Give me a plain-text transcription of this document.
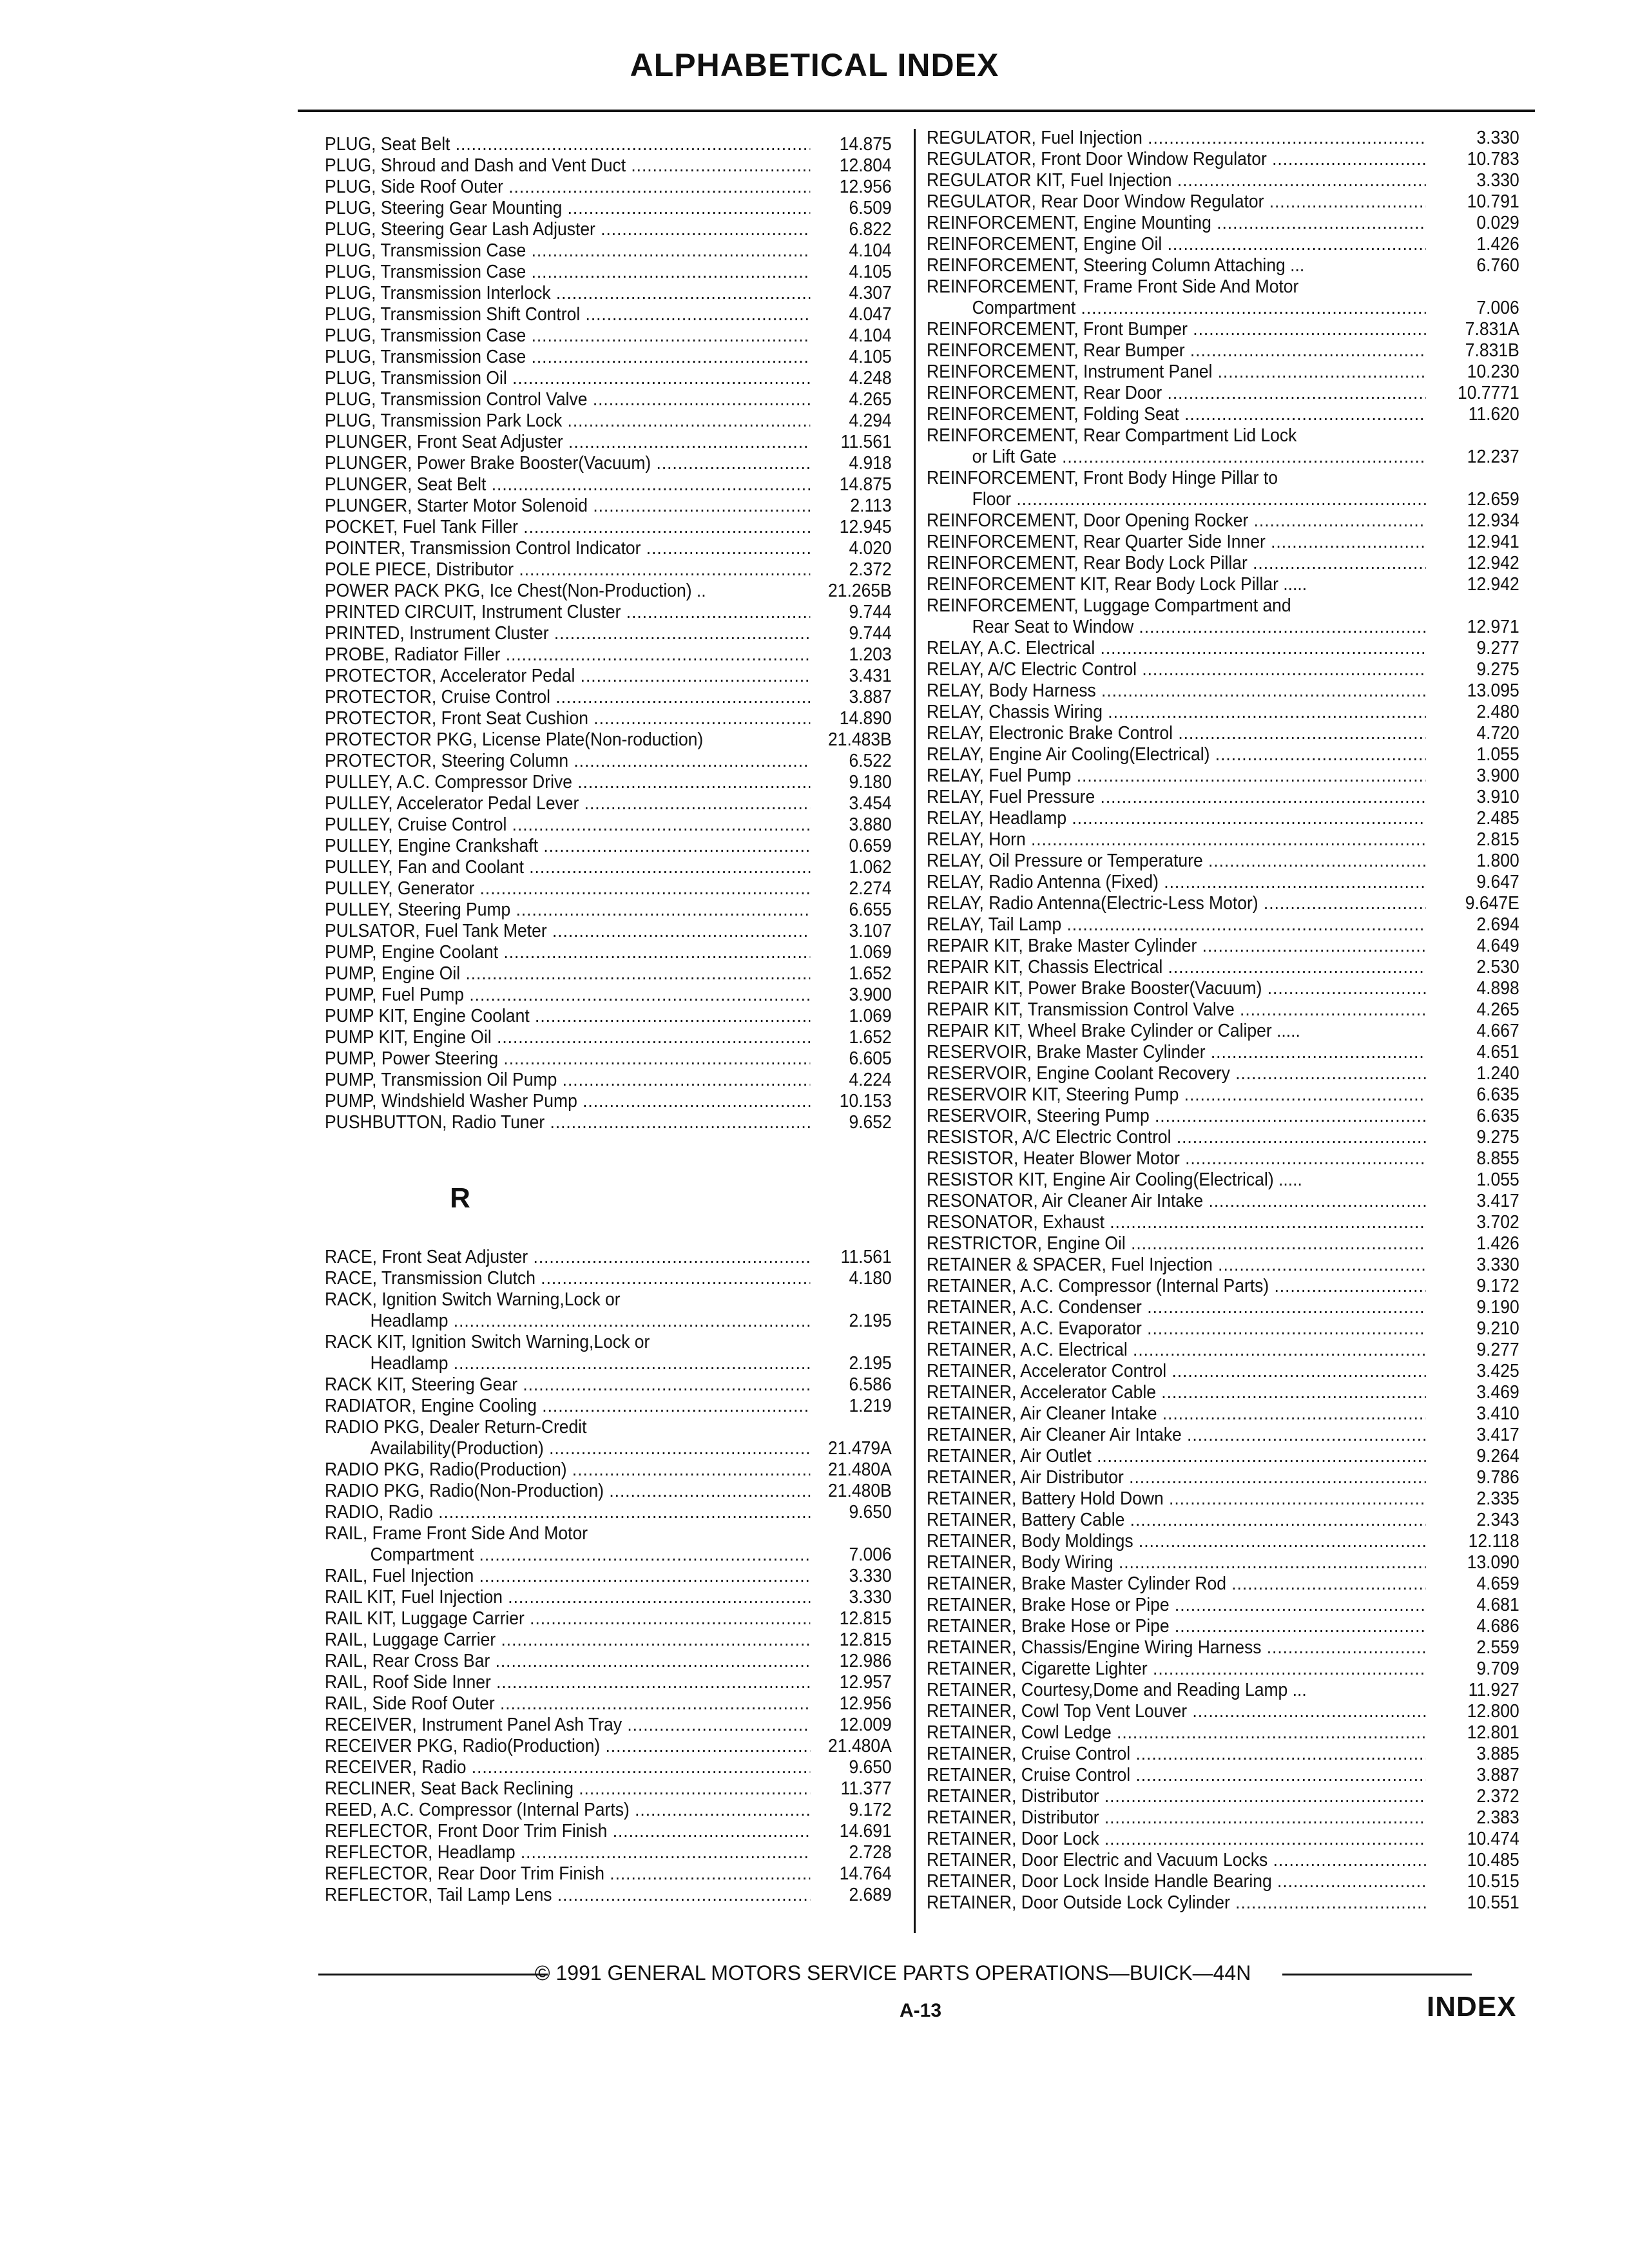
ALPHABETICAL INDEX
PLUG, Seat Belt .....	14.875
PLUG, Shroud and Dash and Vent Duct .....	12.804
PLUG, Side Roof Outer .....	12.956
PLUG, Steering Gear Mounting .....	6.509
PLUG, Steering Gear Lash Adjuster .....	6.822
PLUG, Transmission Case .....	4.104
PLUG, Transmission Case .....	4.105
PLUG, Transmission Interlock .....	4.307
PLUG, Transmission Shift Control .....	4.047
PLUG, Transmission Case .....	4.104
PLUG, Transmission Case .....	4.105
PLUG, Transmission Oil .....	4.248
PLUG, Transmission Control Valve .....	4.265
PLUG, Transmission Park Lock .....	4.294
PLUNGER, Front Seat Adjuster .....	11.561
PLUNGER, Power Brake Booster(Vacuum) .....	4.918
PLUNGER, Seat Belt .....	14.875
PLUNGER, Starter Motor Solenoid .....	2.113
POCKET, Fuel Tank Filler .....	12.945
POINTER, Transmission Control Indicator .....	4.020
POLE PIECE, Distributor .....	2.372
POWER PACK PKG, Ice Chest(Non-Production) ..	21.265B
PRINTED CIRCUIT, Instrument Cluster .....	9.744
PRINTED, Instrument Cluster .....	9.744
PROBE, Radiator Filler .....	1.203
PROTECTOR, Accelerator Pedal .....	3.431
PROTECTOR, Cruise Control .....	3.887
PROTECTOR, Front Seat Cushion .....	14.890
PROTECTOR PKG, License Plate(Non-roduction)	21.483B
PROTECTOR, Steering Column .....	6.522
PULLEY, A.C. Compressor Drive .....	9.180
PULLEY, Accelerator Pedal Lever .....	3.454
PULLEY, Cruise Control .....	3.880
PULLEY, Engine Crankshaft .....	0.659
PULLEY, Fan and Coolant .....	1.062
PULLEY, Generator .....	2.274
PULLEY, Steering Pump .....	6.655
PULSATOR, Fuel Tank Meter .....	3.107
PUMP, Engine Coolant .....	1.069
PUMP, Engine Oil .....	1.652
PUMP, Fuel Pump .....	3.900
PUMP KIT, Engine Coolant .....	1.069
PUMP KIT, Engine Oil .....	1.652
PUMP, Power Steering .....	6.605
PUMP, Transmission Oil Pump .....	4.224
PUMP, Windshield Washer Pump .....	10.153
PUSHBUTTON, Radio Tuner .....	9.652
R
RACE, Front Seat Adjuster .....	11.561
RACE, Transmission Clutch .....	4.180
RACK, Ignition Switch Warning,Lock or
Headlamp .....	2.195
RACK KIT, Ignition Switch Warning,Lock or
Headlamp .....	2.195
RACK KIT, Steering Gear .....	6.586
RADIATOR, Engine Cooling .....	1.219
RADIO PKG, Dealer Return-Credit
Availability(Production) .....	21.479A
RADIO PKG, Radio(Production) .....	21.480A
RADIO PKG, Radio(Non-Production) .....	21.480B
RADIO, Radio .....	9.650
RAIL, Frame Front Side And Motor
Compartment .....	7.006
RAIL, Fuel Injection .....	3.330
RAIL KIT, Fuel Injection .....	3.330
RAIL KIT, Luggage Carrier .....	12.815
RAIL, Luggage Carrier .....	12.815
RAIL, Rear Cross Bar .....	12.986
RAIL, Roof Side Inner .....	12.957
RAIL, Side Roof Outer .....	12.956
RECEIVER, Instrument Panel Ash Tray .....	12.009
RECEIVER PKG, Radio(Production) .....	21.480A
RECEIVER, Radio .....	9.650
RECLINER, Seat Back Reclining .....	11.377
REED, A.C. Compressor (Internal Parts) .....	9.172
REFLECTOR, Front Door Trim Finish .....	14.691
REFLECTOR, Headlamp .....	2.728
REFLECTOR, Rear Door Trim Finish .....	14.764
REFLECTOR, Tail Lamp Lens .....	2.689
REGULATOR, Fuel Injection .....	3.330
REGULATOR, Front Door Window Regulator .....	10.783
REGULATOR KIT, Fuel Injection .....	3.330
REGULATOR, Rear Door Window Regulator .....	10.791
REINFORCEMENT, Engine Mounting .....	0.029
REINFORCEMENT, Engine Oil .....	1.426
REINFORCEMENT, Steering Column Attaching ...	6.760
REINFORCEMENT, Frame Front Side And Motor
Compartment .....	7.006
REINFORCEMENT, Front Bumper .....	7.831A
REINFORCEMENT, Rear Bumper .....	7.831B
REINFORCEMENT, Instrument Panel .....	10.230
REINFORCEMENT, Rear Door .....	10.7771
REINFORCEMENT, Folding Seat .....	11.620
REINFORCEMENT, Rear Compartment Lid Lock
or Lift Gate .....	12.237
REINFORCEMENT, Front Body Hinge Pillar to
Floor .....	12.659
REINFORCEMENT, Door Opening Rocker .....	12.934
REINFORCEMENT, Rear Quarter Side Inner .....	12.941
REINFORCEMENT, Rear Body Lock Pillar .....	12.942
REINFORCEMENT KIT, Rear Body Lock Pillar .....	12.942
REINFORCEMENT, Luggage Compartment and
Rear Seat to Window .....	12.971
RELAY, A.C. Electrical .....	9.277
RELAY, A/C Electric Control .....	9.275
RELAY, Body Harness .....	13.095
RELAY, Chassis Wiring .....	2.480
RELAY, Electronic Brake Control .....	4.720
RELAY, Engine Air Cooling(Electrical) .....	1.055
RELAY, Fuel Pump .....	3.900
RELAY, Fuel Pressure .....	3.910
RELAY, Headlamp .....	2.485
RELAY, Horn .....	2.815
RELAY, Oil Pressure or Temperature .....	1.800
RELAY, Radio Antenna (Fixed) .....	9.647
RELAY, Radio Antenna(Electric-Less Motor) .....	9.647E
RELAY, Tail Lamp .....	2.694
REPAIR KIT, Brake Master Cylinder .....	4.649
REPAIR KIT, Chassis Electrical .....	2.530
REPAIR KIT, Power Brake Booster(Vacuum) .....	4.898
REPAIR KIT, Transmission Control Valve .....	4.265
REPAIR KIT, Wheel Brake Cylinder or Caliper .....	4.667
RESERVOIR, Brake Master Cylinder .....	4.651
RESERVOIR, Engine Coolant Recovery .....	1.240
RESERVOIR KIT, Steering Pump .....	6.635
RESERVOIR, Steering Pump .....	6.635
RESISTOR, A/C Electric Control .....	9.275
RESISTOR, Heater Blower Motor .....	8.855
RESISTOR KIT, Engine Air Cooling(Electrical) .....	1.055
RESONATOR, Air Cleaner Air Intake .....	3.417
RESONATOR, Exhaust .....	3.702
RESTRICTOR, Engine Oil .....	1.426
RETAINER & SPACER, Fuel Injection .....	3.330
RETAINER, A.C. Compressor (Internal Parts) .....	9.172
RETAINER, A.C. Condenser .....	9.190
RETAINER, A.C. Evaporator .....	9.210
RETAINER, A.C. Electrical .....	9.277
RETAINER, Accelerator Control .....	3.425
RETAINER, Accelerator Cable .....	3.469
RETAINER, Air Cleaner Intake .....	3.410
RETAINER, Air Cleaner Air Intake .....	3.417
RETAINER, Air Outlet .....	9.264
RETAINER, Air Distributor .....	9.786
RETAINER, Battery Hold Down .....	2.335
RETAINER, Battery Cable .....	2.343
RETAINER, Body Moldings .....	12.118
RETAINER, Body Wiring .....	13.090
RETAINER, Brake Master Cylinder Rod .....	4.659
RETAINER, Brake Hose or Pipe .....	4.681
RETAINER, Brake Hose or Pipe .....	4.686
RETAINER, Chassis/Engine Wiring Harness .....	2.559
RETAINER, Cigarette Lighter .....	9.709
RETAINER, Courtesy,Dome and Reading Lamp ...	11.927
RETAINER, Cowl Top Vent Louver .....	12.800
RETAINER, Cowl Ledge .....	12.801
RETAINER, Cruise Control .....	3.885
RETAINER, Cruise Control .....	3.887
RETAINER, Distributor .....	2.372
RETAINER, Distributor .....	2.383
RETAINER, Door Lock .....	10.474
RETAINER, Door Electric and Vacuum Locks .....	10.485
RETAINER, Door Lock Inside Handle Bearing .....	10.515
RETAINER, Door Outside Lock Cylinder .....	10.551
© 1991 GENERAL MOTORS SERVICE PARTS OPERATIONS—BUICK—44N
A-13	INDEX
